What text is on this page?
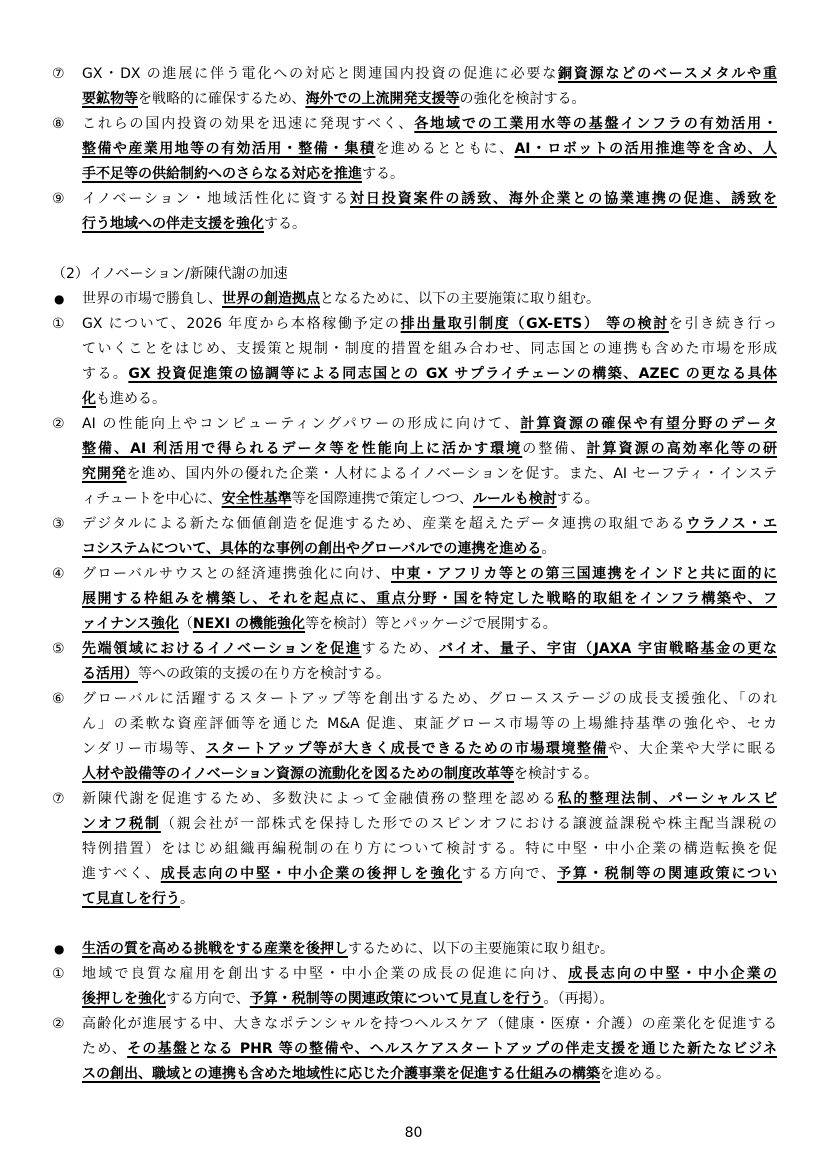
⑦	GX・DX の進展に伴う電化への対応と関連国内投資の促進に必要な銅資源などのベースメタルや重
要鉱物等を戦略的に確保するため、海外での上流開発支援等の強化を検討する。
⑧	これらの国内投資の効果を迅速に発現すべく、各地域での工業用水等の基盤インフラの有効活用・
整備や産業用地等の有効活用・整備・集積を進めるとともに、AI・ロボットの活用推進等を含め、人
手不足等の供給制約へのさらなる対応を推進する。
⑨	イノベーション・地域活性化に資する対日投資案件の誘致、海外企業との協業連携の促進、誘致を
行う地域への伴走支援を強化する。
（2）イノベーション/新陳代謝の加速
●	世界の市場で勝負し、世界の創造拠点となるために、以下の主要施策に取り組む。
①	GX について、2026 年度から本格稼働予定の排出量取引制度（GX-ETS） 等の検討を引き続き行っ
ていくことをはじめ、支援策と規制・制度的措置を組み合わせ、同志国との連携も含めた市場を形成
する。GX 投資促進策の協調等による同志国との GX サプライチェーンの構築、AZEC の更なる具体
化も進める。
②	AI の性能向上やコンピューティングパワーの形成に向けて、計算資源の確保や有望分野のデータ
整備、AI 利活用で得られるデータ等を性能向上に活かす環境の整備、計算資源の高効率化等の研
究開発を進め、国内外の優れた企業・人材によるイノベーションを促す。また、AI セーフティ・インステ
ィチュートを中心に、安全性基準等を国際連携で策定しつつ、ルールも検討する。
③	デジタルによる新たな価値創造を促進するため、産業を超えたデータ連携の取組であるウラノス・エ
コシステムについて、具体的な事例の創出やグローバルでの連携を進める。
④	グローバルサウスとの経済連携強化に向け、中東・アフリカ等との第三国連携をインドと共に面的に
展開する枠組みを構築し、それを起点に、重点分野・国を特定した戦略的取組をインフラ構築や、フ
ァイナンス強化（NEXI の機能強化等を検討）等とパッケージで展開する。
⑤	先端領域におけるイノベーションを促進するため、バイオ、量子、宇宙（JAXA 宇宙戦略基金の更な
る活用）等への政策的支援の在り方を検討する。
⑥	グローバルに活躍するスタートアップ等を創出するため、グロースステージの成長支援強化、「のれ
ん」の柔軟な資産評価等を通じた M&A 促進、東証グロース市場等の上場維持基準の強化や、セカ
ンダリー市場等、スタートアップ等が大きく成長できるための市場環境整備や、大企業や大学に眠る
人材や設備等のイノベーション資源の流動化を図るための制度改革等を検討する。
⑦	新陳代謝を促進するため、多数決によって金融債務の整理を認める私的整理法制、パーシャルスピ
ンオフ税制（親会社が一部株式を保持した形でのスピンオフにおける譲渡益課税や株主配当課税の
特例措置）をはじめ組織再編税制の在り方について検討する。特に中堅・中小企業の構造転換を促
進すべく、成長志向の中堅・中小企業の後押しを強化する方向で、予算・税制等の関連政策につい
て見直しを行う。
●	生活の質を高める挑戦をする産業を後押しするために、以下の主要施策に取り組む。
①	地域で良質な雇用を創出する中堅・中小企業の成長の促進に向け、成長志向の中堅・中小企業の
後押しを強化する方向で、予算・税制等の関連政策について見直しを行う。（再掲）。
②	高齢化が進展する中、大きなポテンシャルを持つヘルスケア（健康・医療・介護）の産業化を促進する
ため、その基盤となる PHR 等の整備や、ヘルスケアスタートアップの伴走支援を通じた新たなビジネ
スの創出、職域との連携も含めた地域性に応じた介護事業を促進する仕組みの構築を進める。
80
